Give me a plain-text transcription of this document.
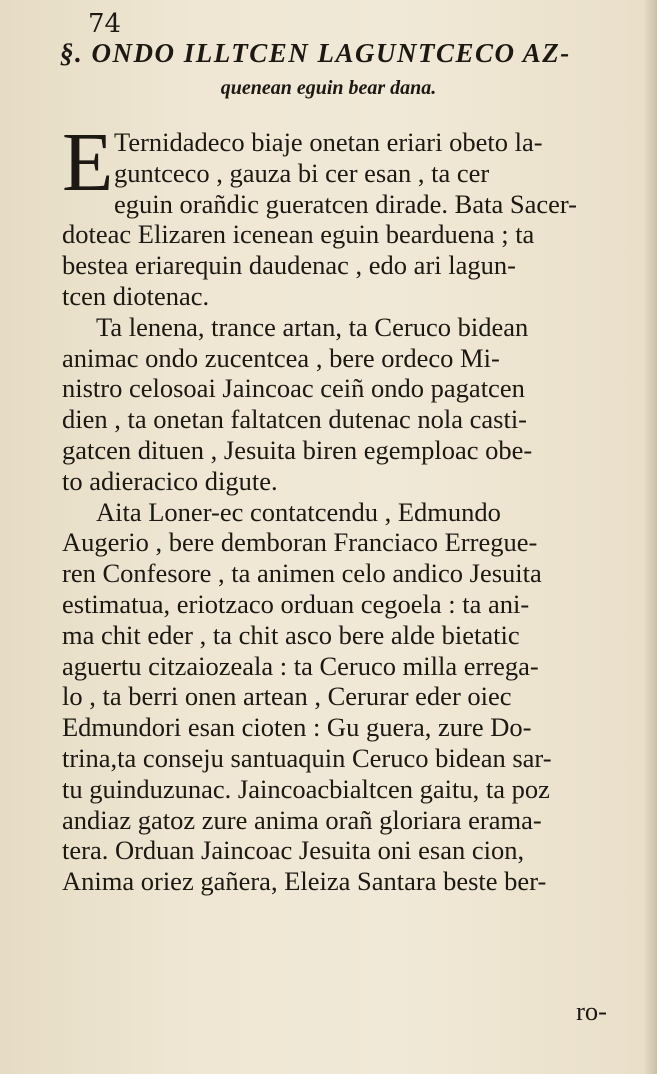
74
§. ONDO ILLTCEN LAGUNTCECO AZ-
quenean eguin bear dana.
E Ternidadeco biaje onetan eriari obeto la-
guntceco , gauza bi cer esan , ta cer
eguin orañdic gueratcen dirade. Bata Sacer-
doteac Elizaren icenean eguin bearduena ; ta
bestea eriarequin daudenac , edo ari lagun-
tcen diotenac.
Ta lenena, trance artan, ta Ceruco bidean
animac ondo zucentcea , bere ordeco Mi-
nistro celosoai Jaincoac ceiñ ondo pagatcen
dien , ta onetan faltatcen dutenac nola casti-
gatcen dituen , Jesuita biren egemploac obe-
to adieracico digute.
Aita Loner-ec contatcendu , Edmundo
Augerio , bere demboran Franciaco Erregue-
ren Confesore , ta animen celo andico Jesuita
estimatua, eriotzaco orduan cegoela : ta ani-
ma chit eder , ta chit asco bere alde bietatic
aguertu citzaiozeala : ta Ceruco milla errega-
lo , ta berri onen artean , Cerurar eder oiec
Edmundori esan cioten : Gu guera, zure Do-
trina,ta conseju santuaquin Ceruco bidean sar-
tu guinduzunac. Jaincoacbialtcen gaitu, ta poz
andiaz gatoz zure anima orañ gloriara erama-
tera. Orduan Jaincoac Jesuita oni esan cion,
Anima oriez gañera, Eleiza Santara beste ber-
ro-
